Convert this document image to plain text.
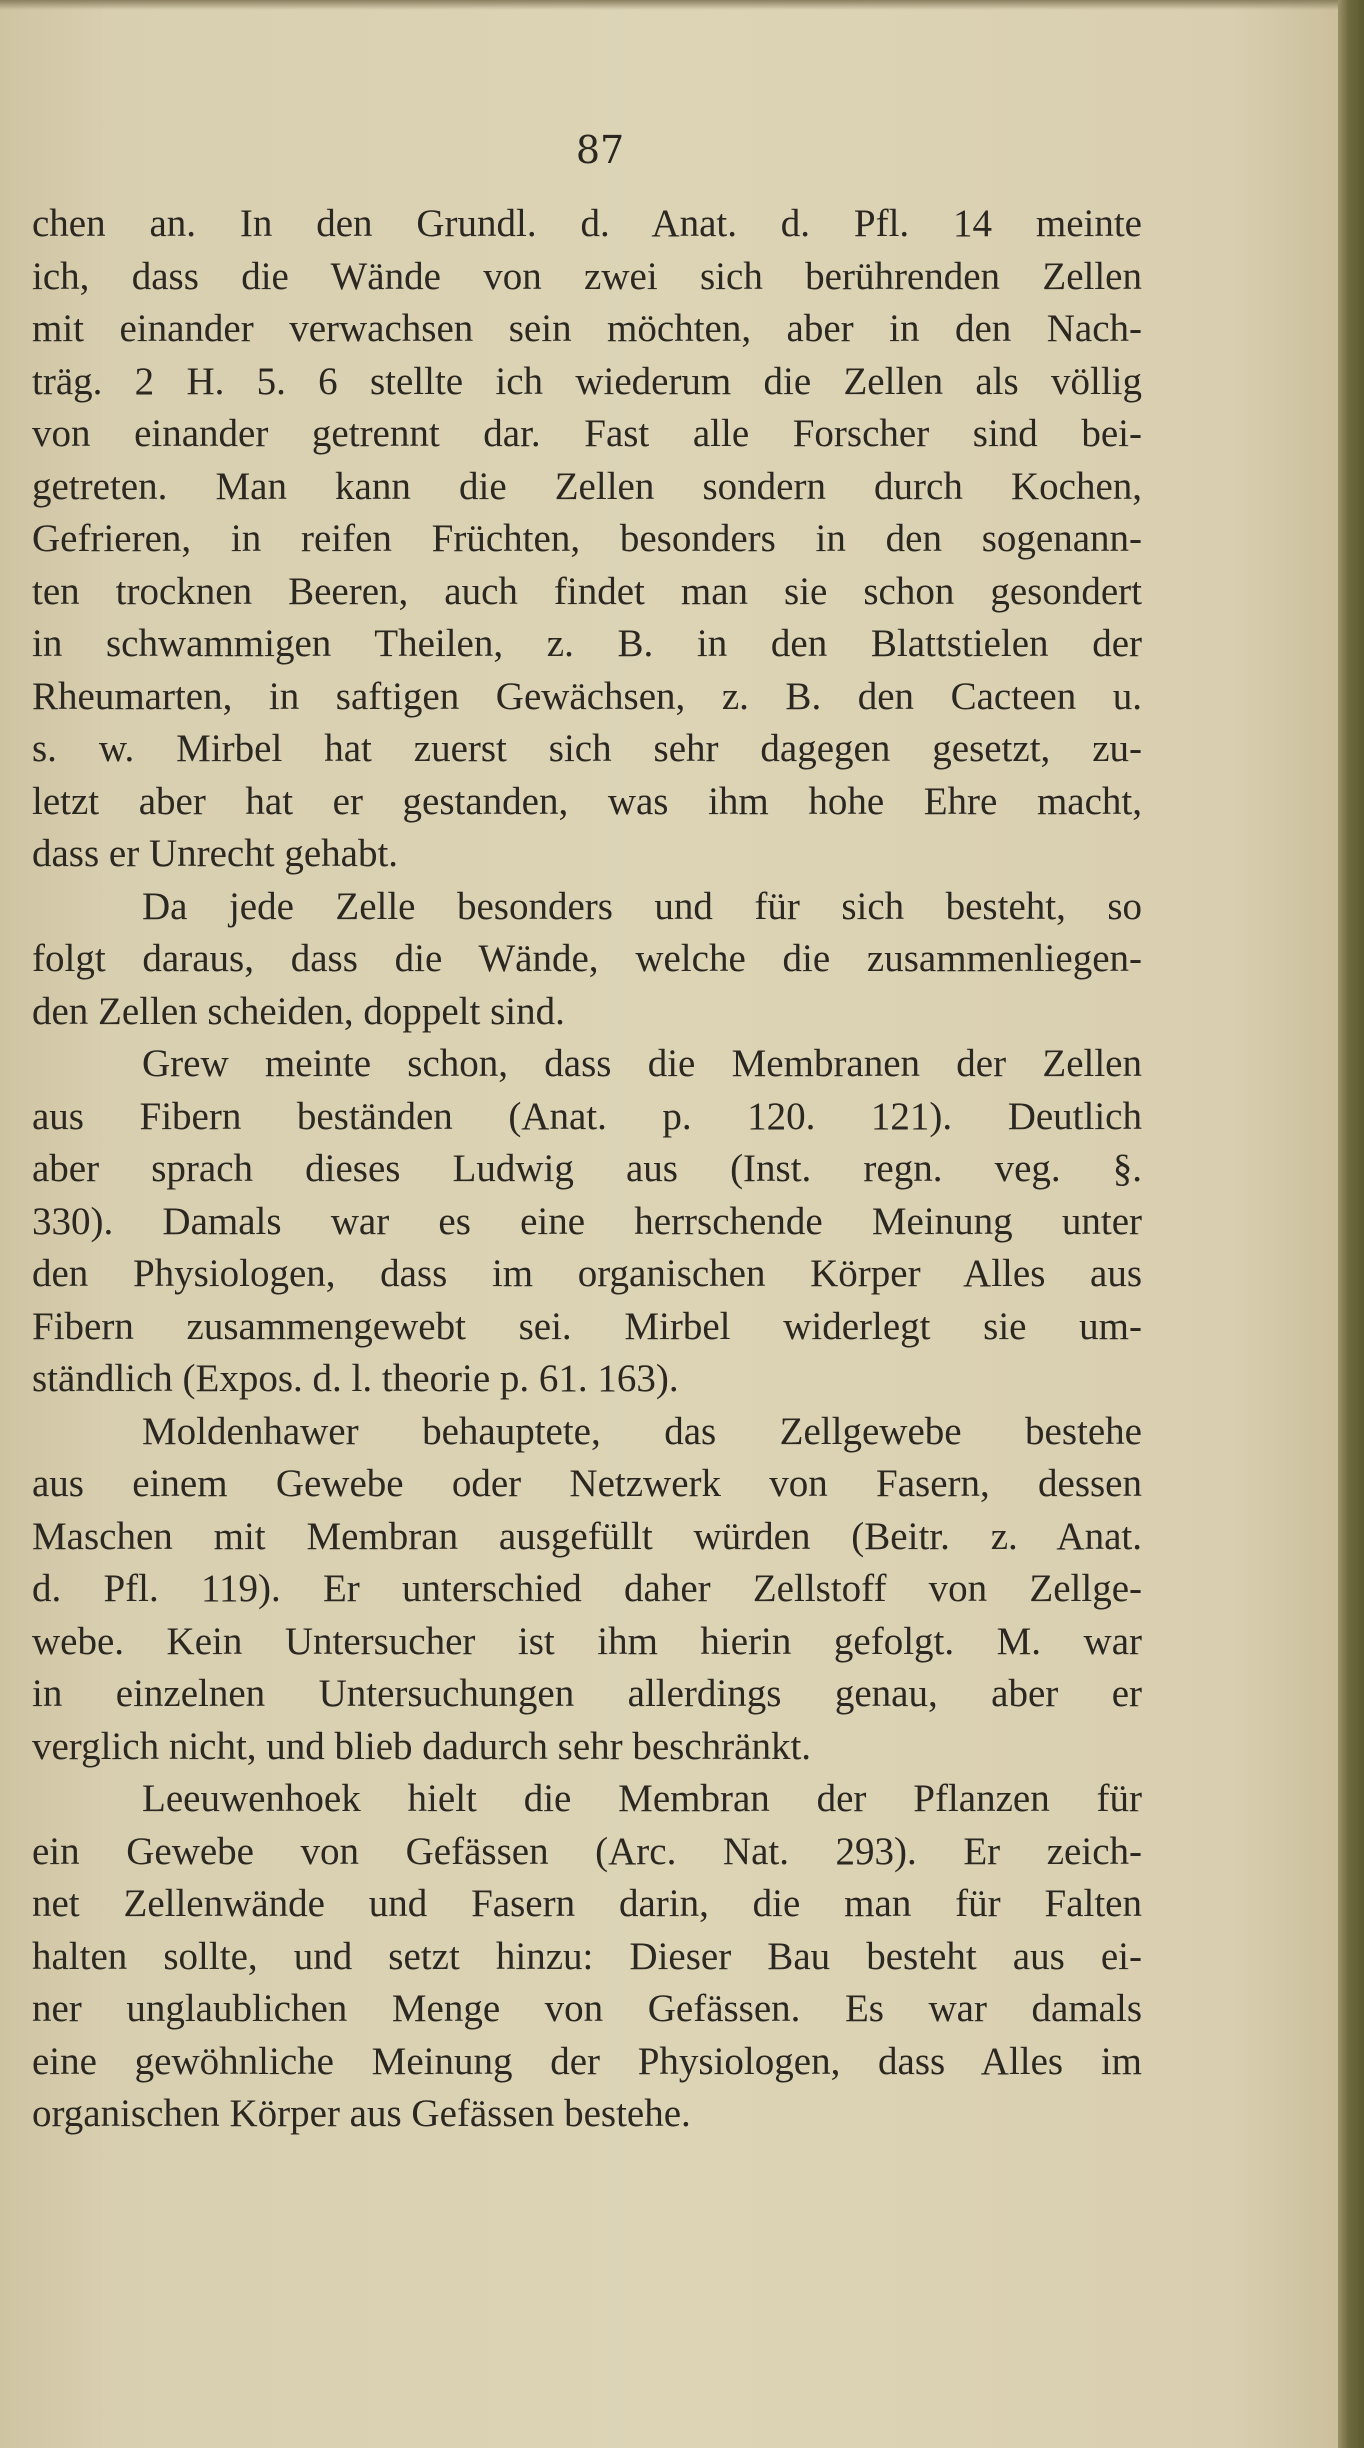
87
chen an. In den Grundl. d. Anat. d. Pfl. 14 meinte
ich, dass die Wände von zwei sich berührenden Zellen
mit einander verwachsen sein möchten, aber in den Nach-
träg. 2 H. 5. 6 stellte ich wiederum die Zellen als völlig
von einander getrennt dar. Fast alle Forscher sind bei-
getreten. Man kann die Zellen sondern durch Kochen,
Gefrieren, in reifen Früchten, besonders in den sogenann-
ten trocknen Beeren, auch findet man sie schon gesondert
in schwammigen Theilen, z. B. in den Blattstielen der
Rheumarten, in saftigen Gewächsen, z. B. den Cacteen u.
s. w. Mirbel hat zuerst sich sehr dagegen gesetzt, zu-
letzt aber hat er gestanden, was ihm hohe Ehre macht,
dass er Unrecht gehabt.
Da jede Zelle besonders und für sich besteht, so
folgt daraus, dass die Wände, welche die zusammenliegen-
den Zellen scheiden, doppelt sind.
Grew meinte schon, dass die Membranen der Zellen
aus Fibern beständen (Anat. p. 120. 121). Deutlich
aber sprach dieses Ludwig aus (Inst. regn. veg. §.
330). Damals war es eine herrschende Meinung unter
den Physiologen, dass im organischen Körper Alles aus
Fibern zusammengewebt sei. Mirbel widerlegt sie um-
ständlich (Expos. d. l. theorie p. 61. 163).
Moldenhawer behauptete, das Zellgewebe bestehe
aus einem Gewebe oder Netzwerk von Fasern, dessen
Maschen mit Membran ausgefüllt würden (Beitr. z. Anat.
d. Pfl. 119). Er unterschied daher Zellstoff von Zellge-
webe. Kein Untersucher ist ihm hierin gefolgt. M. war
in einzelnen Untersuchungen allerdings genau, aber er
verglich nicht, und blieb dadurch sehr beschränkt.
Leeuwenhoek hielt die Membran der Pflanzen für
ein Gewebe von Gefässen (Arc. Nat. 293). Er zeich-
net Zellenwände und Fasern darin, die man für Falten
halten sollte, und setzt hinzu: Dieser Bau besteht aus ei-
ner unglaublichen Menge von Gefässen. Es war damals
eine gewöhnliche Meinung der Physiologen, dass Alles im
organischen Körper aus Gefässen bestehe.
